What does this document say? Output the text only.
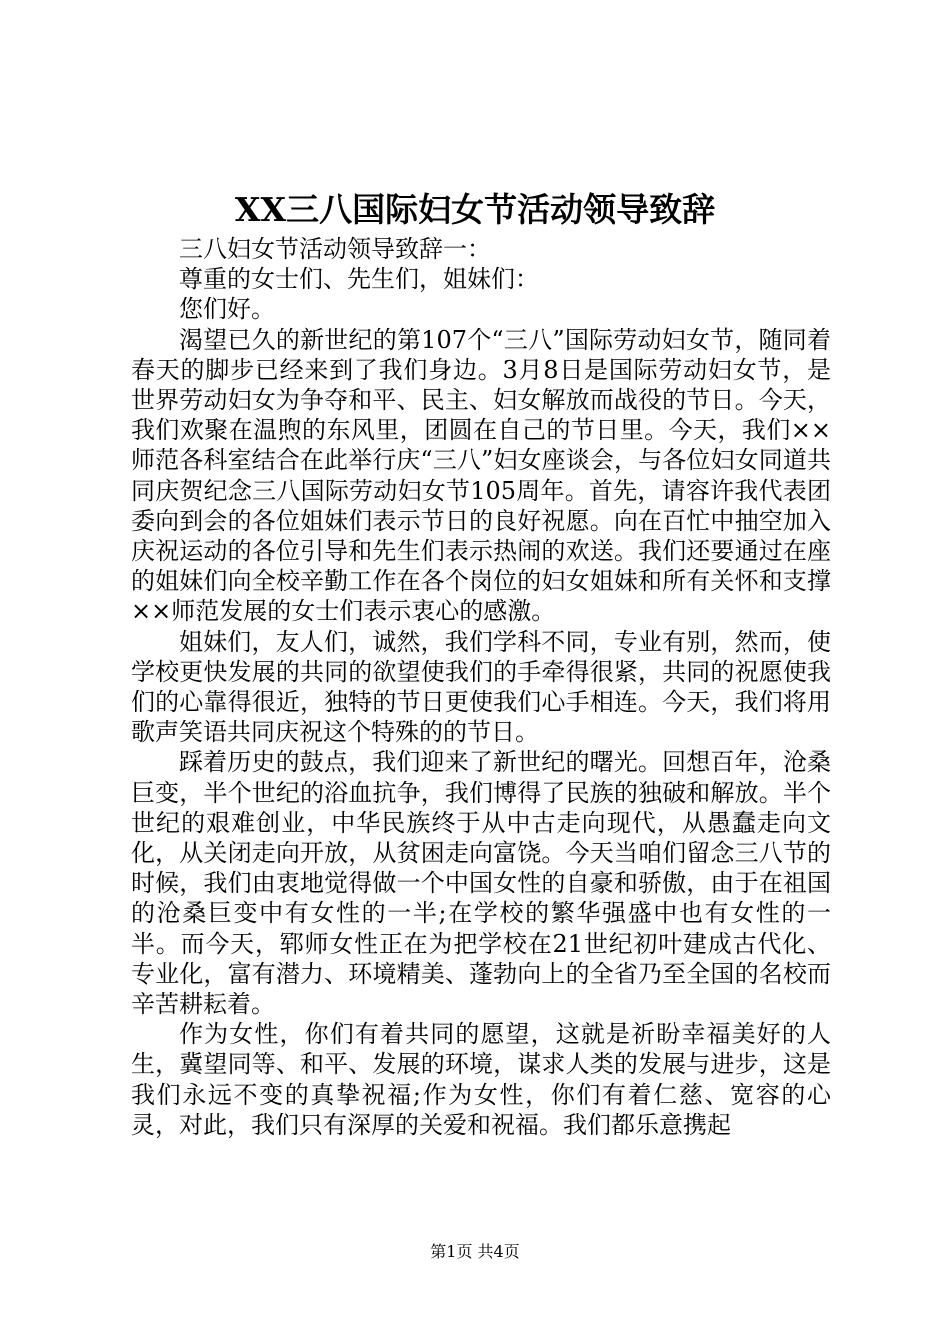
XX三八国际妇女节活动领导致辞

三八妇女节活动领导致辞一：

尊重的女士们、先生们，姐妹们：

您们好。

渴望已久的新世纪的第107个“三八”国际劳动妇女节，随同着春天的脚步已经来到了我们身边。3月8日是国际劳动妇女节，是世界劳动妇女为争夺和平、民主、妇女解放而战役的节日。今天，我们欢聚在温煦的东风里，团圆在自己的节日里。今天，我们××师范各科室结合在此举行庆“三八”妇女座谈会，与各位妇女同道共同庆贺纪念三八国际劳动妇女节105周年。首先，请容许我代表团委向到会的各位姐妹们表示节日的良好祝愿。向在百忙中抽空加入庆祝运动的各位引导和先生们表示热闹的欢送。我们还要通过在座的姐妹们向全校辛勤工作在各个岗位的妇女姐妹和所有关怀和支撑××师范发展的女士们表示衷心的感激。

姐妹们，友人们，诚然，我们学科不同，专业有别，然而，使学校更快发展的共同的欲望使我们的手牵得很紧，共同的祝愿使我们的心靠得很近，独特的节日更使我们心手相连。今天，我们将用歌声笑语共同庆祝这个特殊的的节日。

踩着历史的鼓点，我们迎来了新世纪的曙光。回想百年，沧桑巨变，半个世纪的浴血抗争，我们博得了民族的独破和解放。半个世纪的艰难创业，中华民族终于从中古走向现代，从愚蠢走向文化，从关闭走向开放，从贫困走向富饶。今天当咱们留念三八节的时候，我们由衷地觉得做一个中国女性的自豪和骄傲，由于在祖国的沧桑巨变中有女性的一半;在学校的繁华强盛中也有女性的一半。而今天，郓师女性正在为把学校在21世纪初叶建成古代化、专业化，富有潜力、环境精美、蓬勃向上的全省乃至全国的名校而辛苦耕耘着。

作为女性，你们有着共同的愿望，这就是祈盼幸福美好的人生，冀望同等、和平、发展的环境，谋求人类的发展与进步，这是我们永远不变的真挚祝福;作为女性，你们有着仁慈、宽容的心灵，对此，我们只有深厚的关爱和祝福。我们都乐意携起

第1页 共4页
